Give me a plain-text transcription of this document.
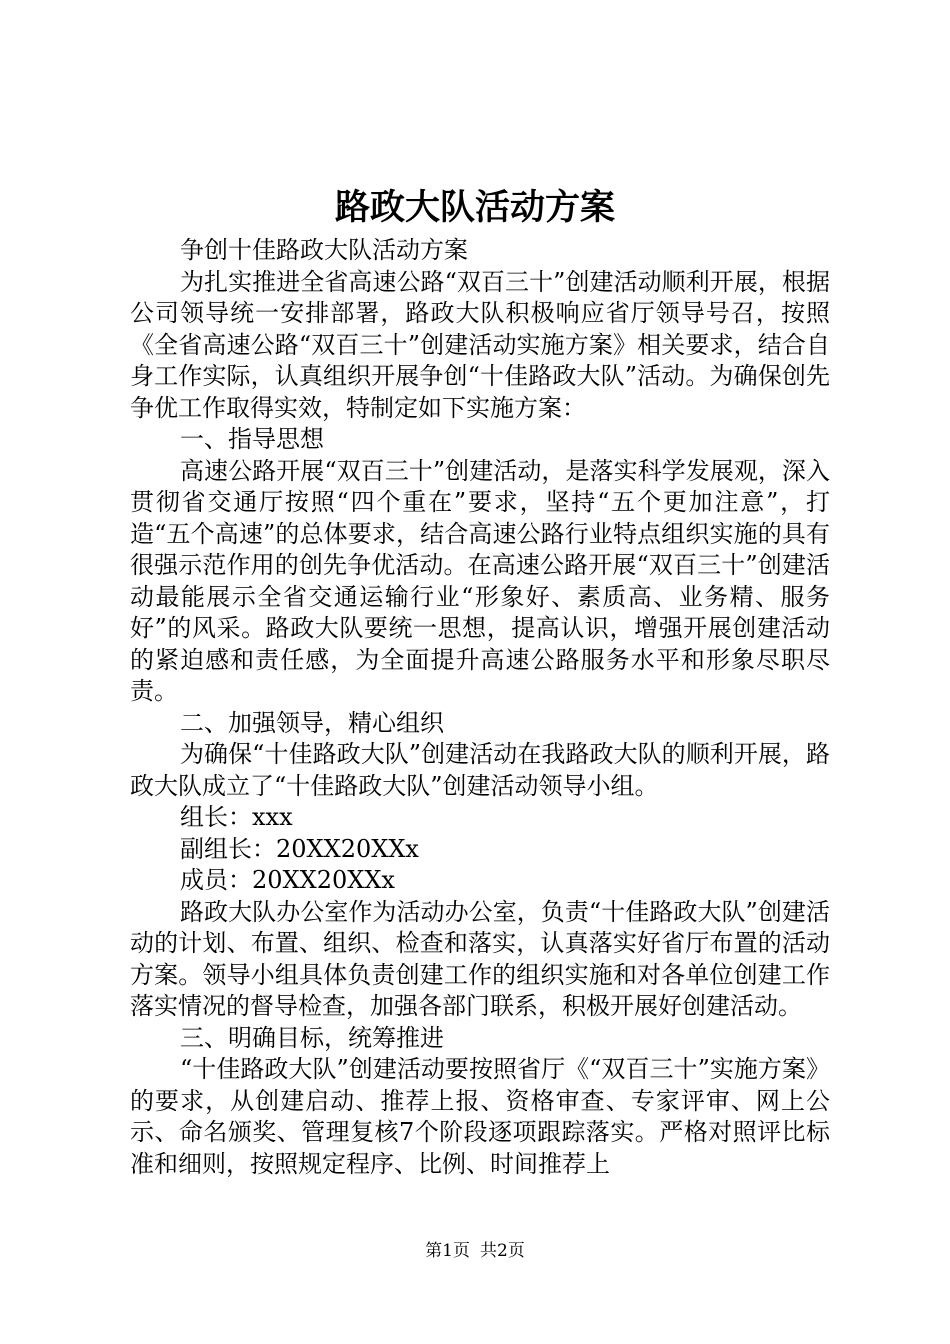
路政大队活动方案

争创十佳路政大队活动方案

为扎实推进全省高速公路“双百三十”创建活动顺利开展，根据公司领导统一安排部署，路政大队积极响应省厅领导号召，按照《全省高速公路“双百三十”创建活动实施方案》相关要求，结合自身工作实际，认真组织开展争创“十佳路政大队”活动。为确保创先争优工作取得实效，特制定如下实施方案：

一、指导思想

高速公路开展“双百三十”创建活动，是落实科学发展观，深入贯彻省交通厅按照“四个重在”要求，坚持“五个更加注意”，打造“五个高速”的总体要求，结合高速公路行业特点组织实施的具有很强示范作用的创先争优活动。在高速公路开展“双百三十”创建活动最能展示全省交通运输行业“形象好、素质高、业务精、服务好”的风采。路政大队要统一思想，提高认识，增强开展创建活动的紧迫感和责任感，为全面提升高速公路服务水平和形象尽职尽责。

二、加强领导，精心组织

为确保“十佳路政大队”创建活动在我路政大队的顺利开展，路政大队成立了“十佳路政大队”创建活动领导小组。

组长：xxx

副组长：20XX20XXx

成员：20XX20XXx

路政大队办公室作为活动办公室，负责“十佳路政大队”创建活动的计划、布置、组织、检查和落实，认真落实好省厅布置的活动方案。领导小组具体负责创建工作的组织实施和对各单位创建工作落实情况的督导检查，加强各部门联系，积极开展好创建活动。

三、明确目标，统筹推进

“十佳路政大队”创建活动要按照省厅《“双百三十”实施方案》的要求，从创建启动、推荐上报、资格审查、专家评审、网上公示、命名颁奖、管理复核7个阶段逐项跟踪落实。严格对照评比标准和细则，按照规定程序、比例、时间推荐上

第1页 共2页
